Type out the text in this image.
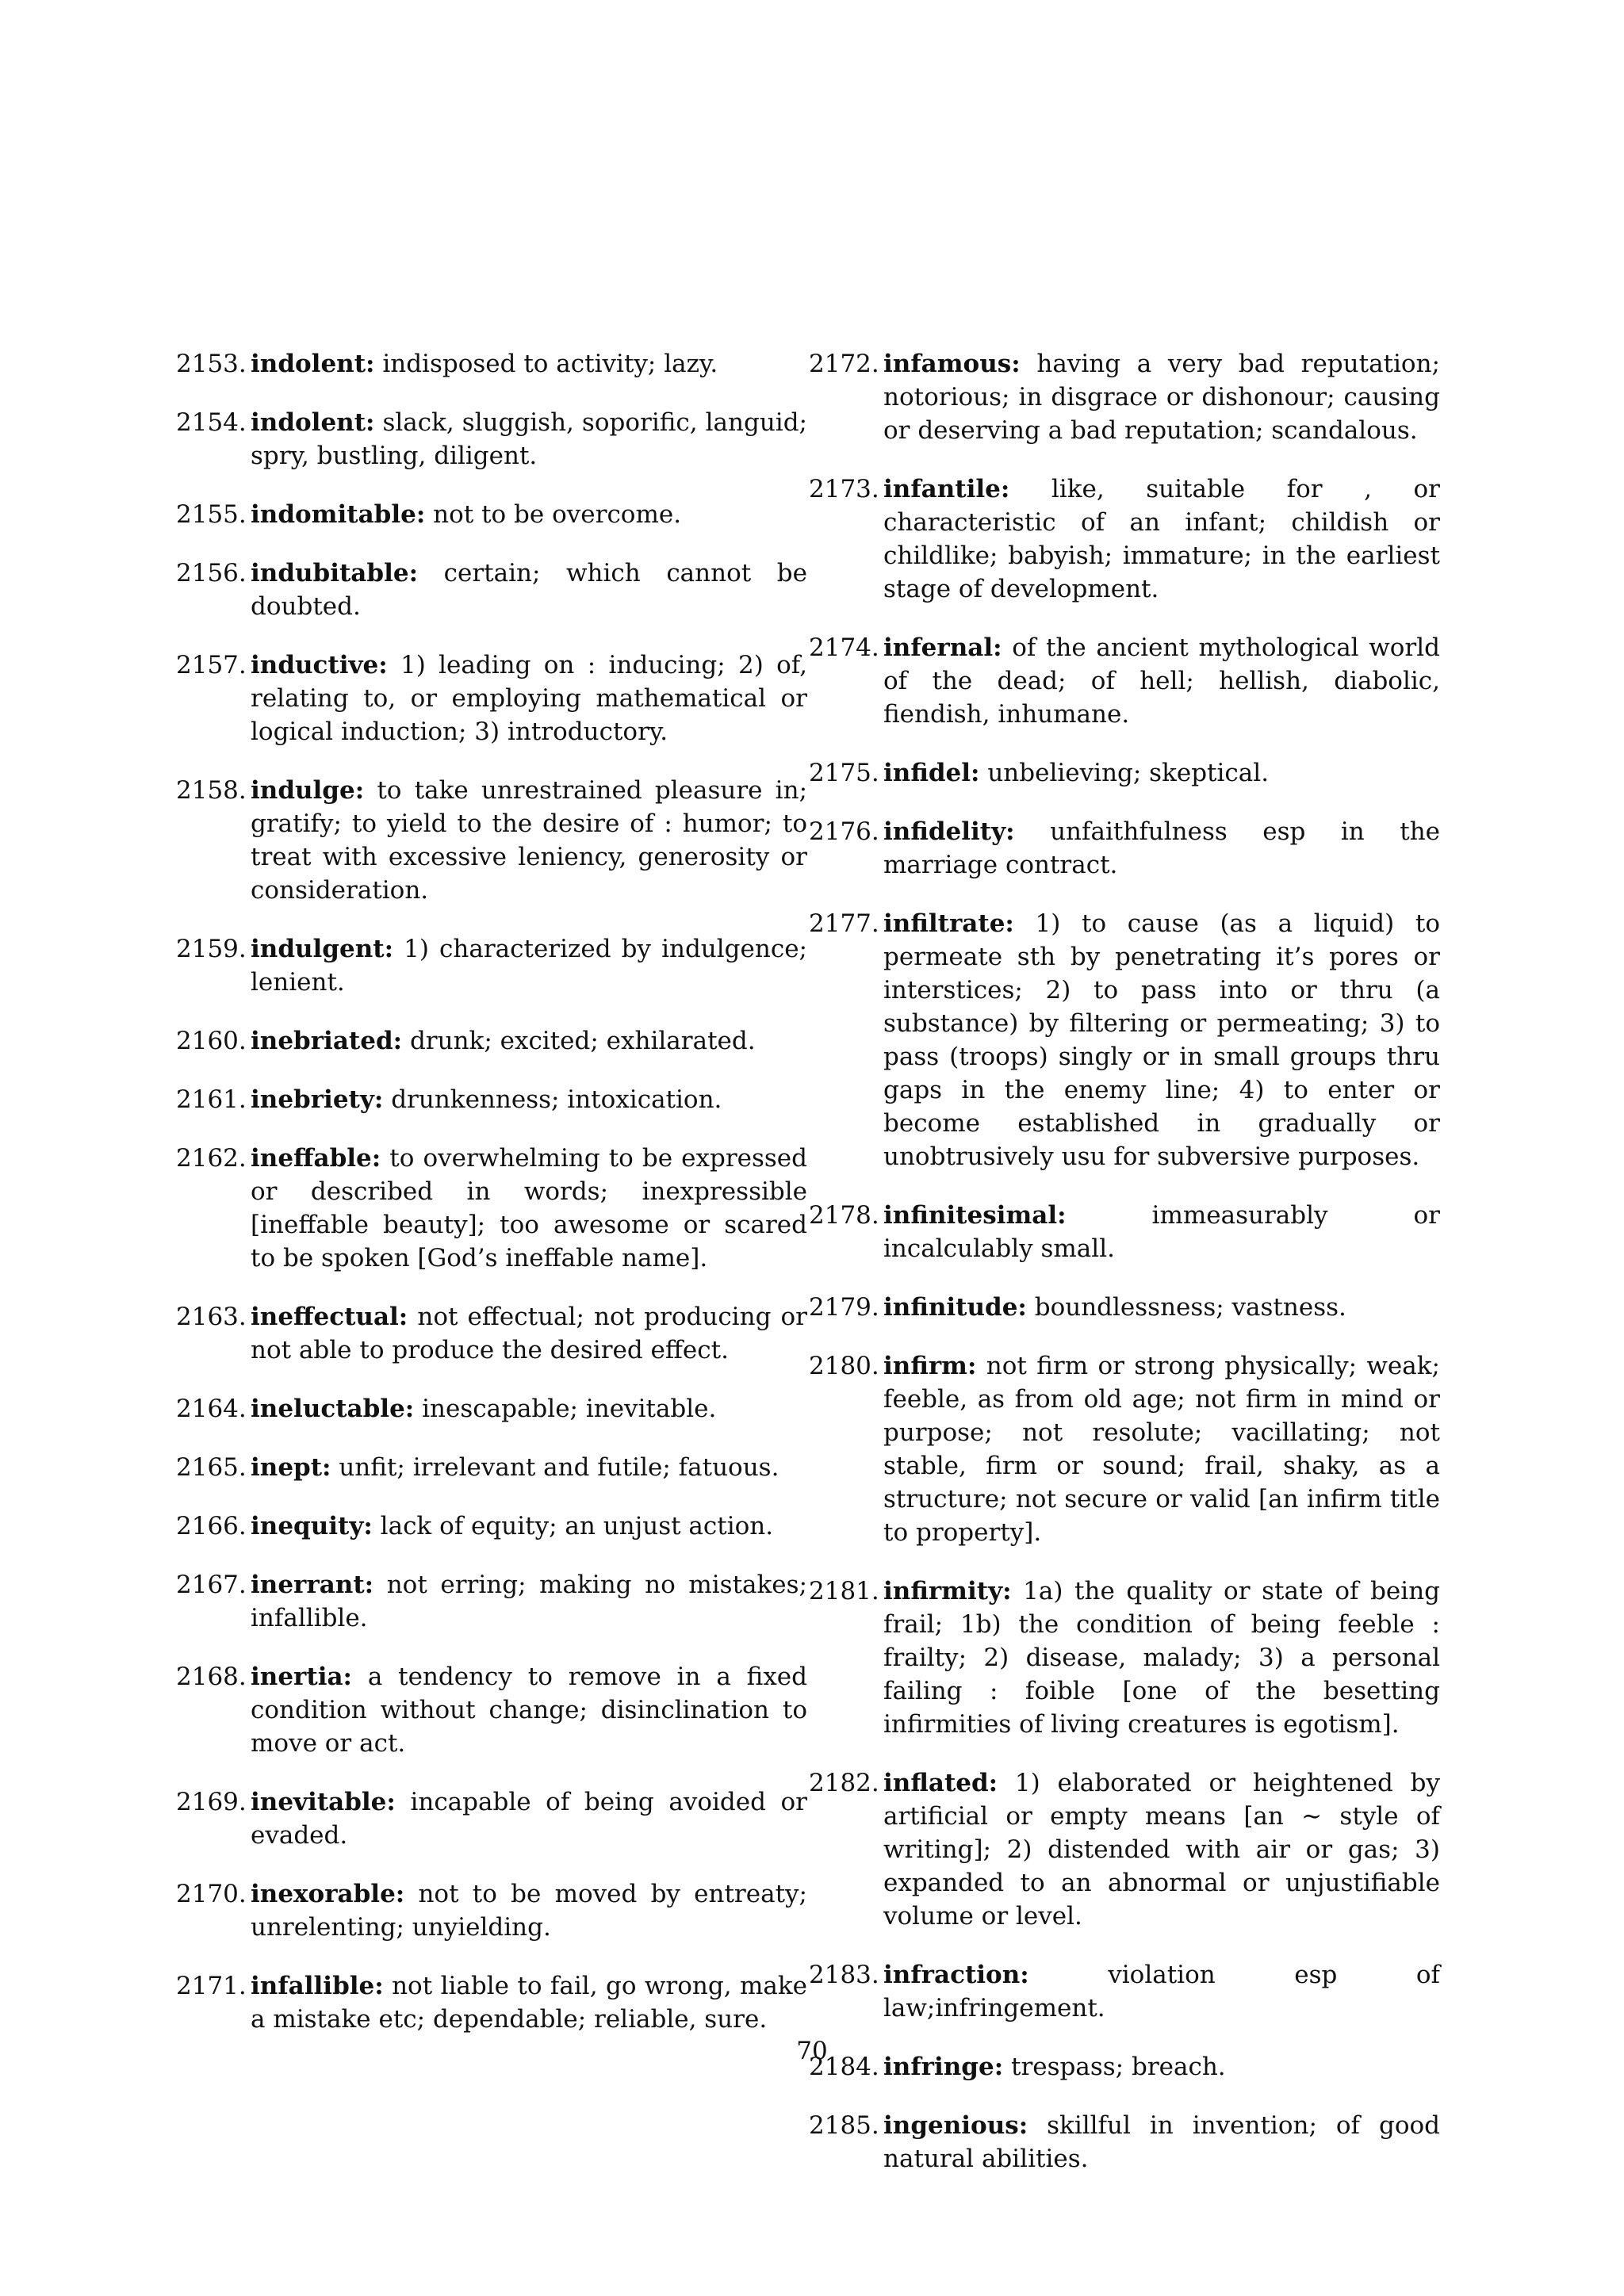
2153. indolent: indisposed to activity; lazy.
2154. indolent: slack, sluggish, soporific, languid; spry, bustling, diligent.
2155. indomitable: not to be overcome.
2156. indubitable: certain; which cannot be doubted.
2157. inductive: 1) leading on : inducing; 2) of, relating to, or employing mathematical or logical induction; 3) introductory.
2158. indulge: to take unrestrained pleasure in; gratify; to yield to the desire of : humor; to treat with excessive leniency, generosity or consideration.
2159. indulgent: 1) characterized by indulgence; lenient.
2160. inebriated: drunk; excited; exhilarated.
2161. inebriety: drunkenness; intoxication.
2162. ineffable: to overwhelming to be expressed or described in words; inexpressible [ineffable beauty]; too awesome or scared to be spoken [God’s ineffable name].
2163. ineffectual: not effectual; not producing or not able to produce the desired effect.
2164. ineluctable: inescapable; inevitable.
2165. inept: unfit; irrelevant and futile; fatuous.
2166. inequity: lack of equity; an unjust action.
2167. inerrant: not erring; making no mistakes; infallible.
2168. inertia: a tendency to remove in a fixed condition without change; disinclination to move or act.
2169. inevitable: incapable of being avoided or evaded.
2170. inexorable: not to be moved by entreaty; unrelenting; unyielding.
2171. infallible: not liable to fail, go wrong, make a mistake etc; dependable; reliable, sure.
2172. infamous: having a very bad reputation; notorious; in disgrace or dishonour; causing or deserving a bad reputation; scandalous.
2173. infantile: like, suitable for , or characteristic of an infant; childish or childlike; babyish; immature; in the earliest stage of development.
2174. infernal: of the ancient mythological world of the dead; of hell; hellish, diabolic, fiendish, inhumane.
2175. infidel: unbelieving; skeptical.
2176. infidelity: unfaithfulness esp in the marriage contract.
2177. infiltrate: 1) to cause (as a liquid) to permeate sth by penetrating it’s pores or interstices; 2) to pass into or thru (a substance) by filtering or permeating; 3) to pass (troops) singly or in small groups thru gaps in the enemy line; 4) to enter or become established in gradually or unobtrusively usu for subversive purposes.
2178. infinitesimal:	immeasurably or incalculably small.
2179. infinitude: boundlessness; vastness.
2180. infirm: not firm or strong physically; weak; feeble, as from old age; not firm in mind or purpose; not resolute; vacillating; not stable, firm or sound; frail, shaky, as a structure; not secure or valid [an infirm title to property].
2181. infirmity: 1a) the quality or state of being frail; 1b) the condition of being feeble : frailty; 2) disease, malady; 3) a personal failing : foible [one of the besetting infirmities of living creatures is egotism].
2182. inflated: 1) elaborated or heightened by artificial or empty means [an ∼ style of writing]; 2) distended with air or gas; 3) expanded to an abnormal or unjustifiable volume or level.
2183. infraction:	violation esp of law;infringement.
2184. infringe: trespass; breach.
2185. ingenious: skillful in invention; of good natural abilities.
70
